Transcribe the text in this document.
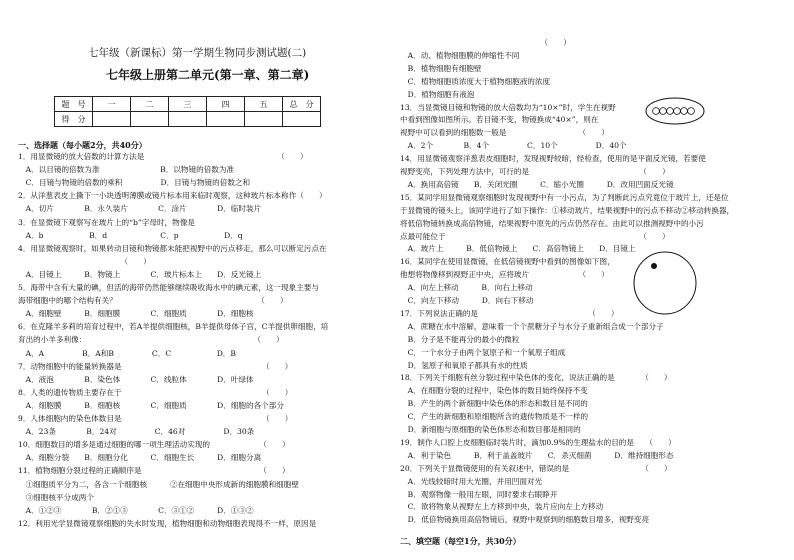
七年级（新课标）第一学期生物同步测试题(二)
七年级上册第二单元(第一章、第二章)
题　号	一	二	三	四	五	总　分
得　分						
一、选择题（每小题2分，共40分）
1．用显微镜的放大倍数的计算方法是　　　　　　　　　　　　　　　　　　（　　）
　A．以目镜的倍数为准　　　　　　　　B．以物镜的倍数为准
　C．目镜与物镜的倍数的乘积　　　　　D．目镜与物镜的倍数之和
2．从洋葱表皮上撕下一小块透明薄膜或镜片标本用来临时观察，这种玻片标本称作（　　）
　A．切片　　　　B．永久装片　　　　C．涂片　　　　D．临时装片
3．在显微镜下观察写在玻片上的“b”字母时，物像是
　A．b　　　　　　B．d　　　　　　　C．p　　　　　　D．q
4．用显微镜观察时，如果转动目镜和物镜都未能把视野中的污点移走，那么可以断定污点在
　　　　　　　　　　　　　　（　　）
　A．目镜上　　　B．物镜上　　　　C．玻片标本上　　D．反光镜上
5．海带中含有大量的碘，但活的海带仍然能够继续吸收海水中的碘元素，这一现象主要与
海带细胞中的哪个结构有关？　　　　　　　　　　　　　　　　　　　（　　）
　A．细胞壁　　　B．细胞膜　　　　C．细胞质　　　　D．细胞核
6．在克隆羊多莉的培育过程中，若A羊提供细胞核，B羊提供母体子宫，C羊提供卵细胞，培
育出的小羊多利像：　　　　　　　　　　　　　　　　　　　　　　　（　　）
　A．A　　　　　B．A和B　　　　　C．C　　　　　　D．B
7．动物细胞中的能量转换器是　　　　　　　　　　　　　　　　　　　（　　）
　A．液泡　　　　B．染色体　　　　C．线粒体　　　　D．叶绿体
8．人类的遗传物质主要存在于　　　　　　　　　　　　　　　　　　　（　　）
　A．细胞膜　　　B．细胞核　　　　C．细胞质　　　　D．细胞的各个部分
9．人体细胞内的染色体数目是　　　　　　　　　　　　　　　　　　　（　　）
　A．23条　　　　B．24对　　　　　C．46对　　　　　D．30条
10．细胞数目的增多是通过细胞的哪一项生理活动实现的　　　　　　　（　　）
　A．细胞分裂　　B．细胞分化　　　C．细胞生长　　　D．细胞分离
11．植物细胞分裂过程的正确顺序是　　　　　　　　　　　　　　　　（　　）
　①细胞质平分为二，各含一个细胞核　　　②在细胞中央形成新的细胞膜和细胞壁
　③细胞核平分成两个
　A．①②③　　　　B．②①③　　　　C．③①②　　　D．①③②
12．利用光学显微镜观察细胞的失水时发现，植物细胞和动物细胞表现得不一样，原因是
　　　　　　　　　　　　　　　　　　　（　　）
　A．动、植物细胞膜的伸缩性不同
　B．植物细胞有细胞壁
　C．植物细胞质浓度大于植物细胞液的浓度
　D．植物细胞有液泡
13．当显微镜目镜和物镜的放大倍数均为“10×”时，学生在视野
中看到图像如图所示。若目镜不变，物镜换成“40×”，则在
视野中可以看到的细胞数一般是　　　　　　　　　　（　　）
　A．2个　　　　B．4个　　　　　C．10个　　　　　D．40个
14．用显微镜观察洋葱表皮细胞时，发现视野较暗，经检查，使用的是平面反光镜，若要使
视野变亮，下列处理方法中，可行的是　　　　　　　　　　　　　　　（　　）
　A．换用高倍镜　　B．关闭光圈　　　C．缩小光圈　　　D．改用凹面反光镜
15．某同学用显微镜观察细胞时发现视野中有一小污点，为了判断此污点究竟位于玻片上，还是位
于显微镜的镜头上，该同学进行了如下操作：①移动玻片，结果视野中的污点不移动②移动转换器，
将低倍物镜转换成高倍物镜，结果视野中原先的污点仍然存在。由此可以推测视野中的小污
点最可能位于　　　　　　　　　　　　　　　　　　　　　　　　　　（　　）
　A．玻片上　　　B．低倍物镜上　　C．高倍物镜上　　D．目镜上
16．某同学在使用显微镜，在低倍镜视野中看到的图像如下图，
他想将物像移到视野正中央，应将玻片　　　　　　　（　　）
　A．向左上移动　　　B．向右上移动
　C．向左下移动　　　D．向右下移动
17．下列说法正确的是　　　　　　　　　　　　　　　（　　）
　A．蔗糖在水中溶解，意味着一个个蔗糖分子与水分子重新组合成一个部分子
　B．分子是不能再分的最小的微粒
　C．一个水分子由两个氢原子和一个氧原子组成
　D．氢原子和氧原子都具有水的性质
18．下列关于细胞有丝分裂过程中染色体的变化，说法正确的是　　　　（　　）
　A．在细胞分裂的过程中，染色体的数目始终保持不变
　B．产生的两个新细胞中染色体的形态和数目是不同的
　C．产生的新细胞和原细胞所含的遗传物质是不一样的
　D．新细胞与原细胞的染色体形态和数目都是相同的
19．制作人口腔上皮细胞临时装片时，滴加0.9%的生理盐水的目的是　　（　　）
　A．利于染色　　　B．利于盖盖玻片　　C．杀灭细菌　　　D．维持细胞形态
20．下列关于显微镜使用的有关叙述中，错误的是　　　　　　　　　　（　　）
　A．光线较暗时用大光圈，并用凹面对光
　B．观察物像一般用左眼，同时要求右眼睁开
　C．欲将物象从视野左上方移到中央，装片应向左上方移动
　D．低倍物镜换用高倍物镜后，视野中观察到的细胞数目增多，视野变亮
二、填空题（每空1分，共30分）
